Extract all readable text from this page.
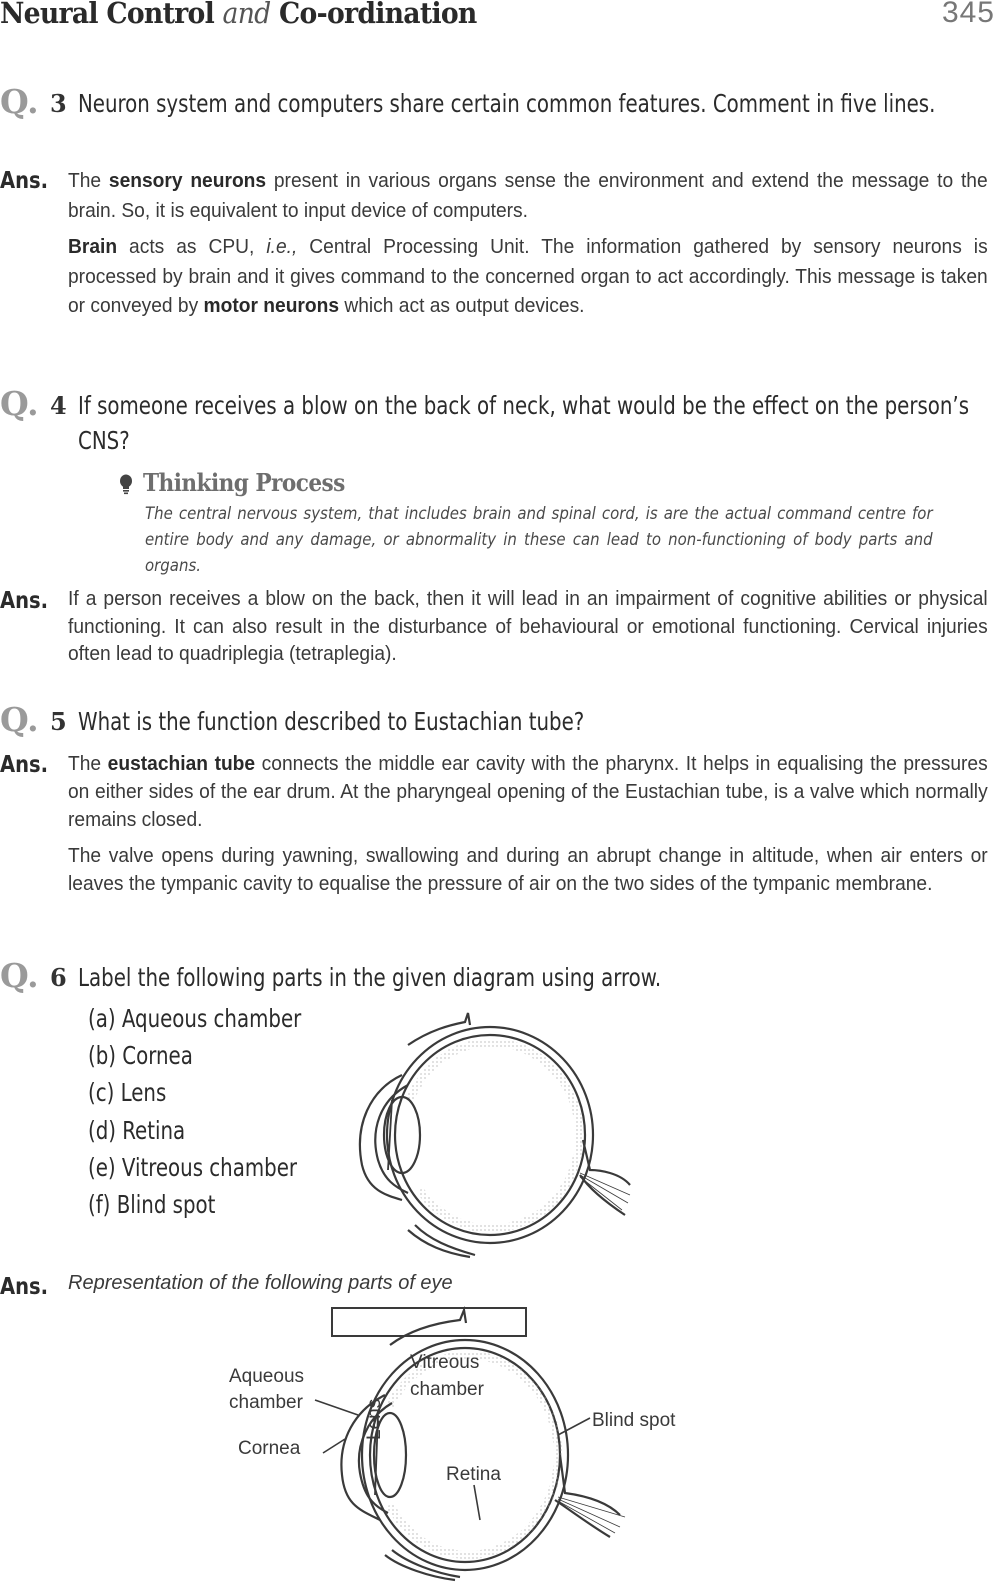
Neural Control and Co-ordination	345
Q. 3 Neuron system and computers share certain common features. Comment in five lines.
Ans. The sensory neurons present in various organs sense the environment and extend the message to the brain. So, it is equivalent to input device of computers.
Brain acts as CPU, i.e., Central Processing Unit. The information gathered by sensory neurons is processed by brain and it gives command to the concerned organ to act accordingly. This message is taken or conveyed by motor neurons which act as output devices.
Q. 4 If someone receives a blow on the back of neck, what would be the effect on the person’s CNS?
Thinking Process
The central nervous system, that includes brain and spinal cord, is are the actual command centre for entire body and any damage, or abnormality in these can lead to non-functioning of body parts and organs.
Ans. If a person receives a blow on the back, then it will lead in an impairment of cognitive abilities or physical functioning. It can also result in the disturbance of behavioural or emotional functioning. Cervical injuries often lead to quadriplegia (tetraplegia).
Q. 5 What is the function described to Eustachian tube?
Ans. The eustachian tube connects the middle ear cavity with the pharynx. It helps in equalising the pressures on either sides of the ear drum. At the pharyngeal opening of the Eustachian tube, is a valve which normally remains closed.
The valve opens during yawning, swallowing and during an abrupt change in altitude, when air enters or leaves the tympanic cavity to equalise the pressure of air on the two sides of the tympanic membrane.
Q. 6 Label the following parts in the given diagram using arrow.
(a) Aqueous chamber
(b) Cornea
(c) Lens
(d) Retina
(e) Vitreous chamber
(f) Blind spot
Ans. Representation of the following parts of eye
Aqueous
chamber
Cornea
Lens
Vitreous
chamber
Blind spot
Retina
